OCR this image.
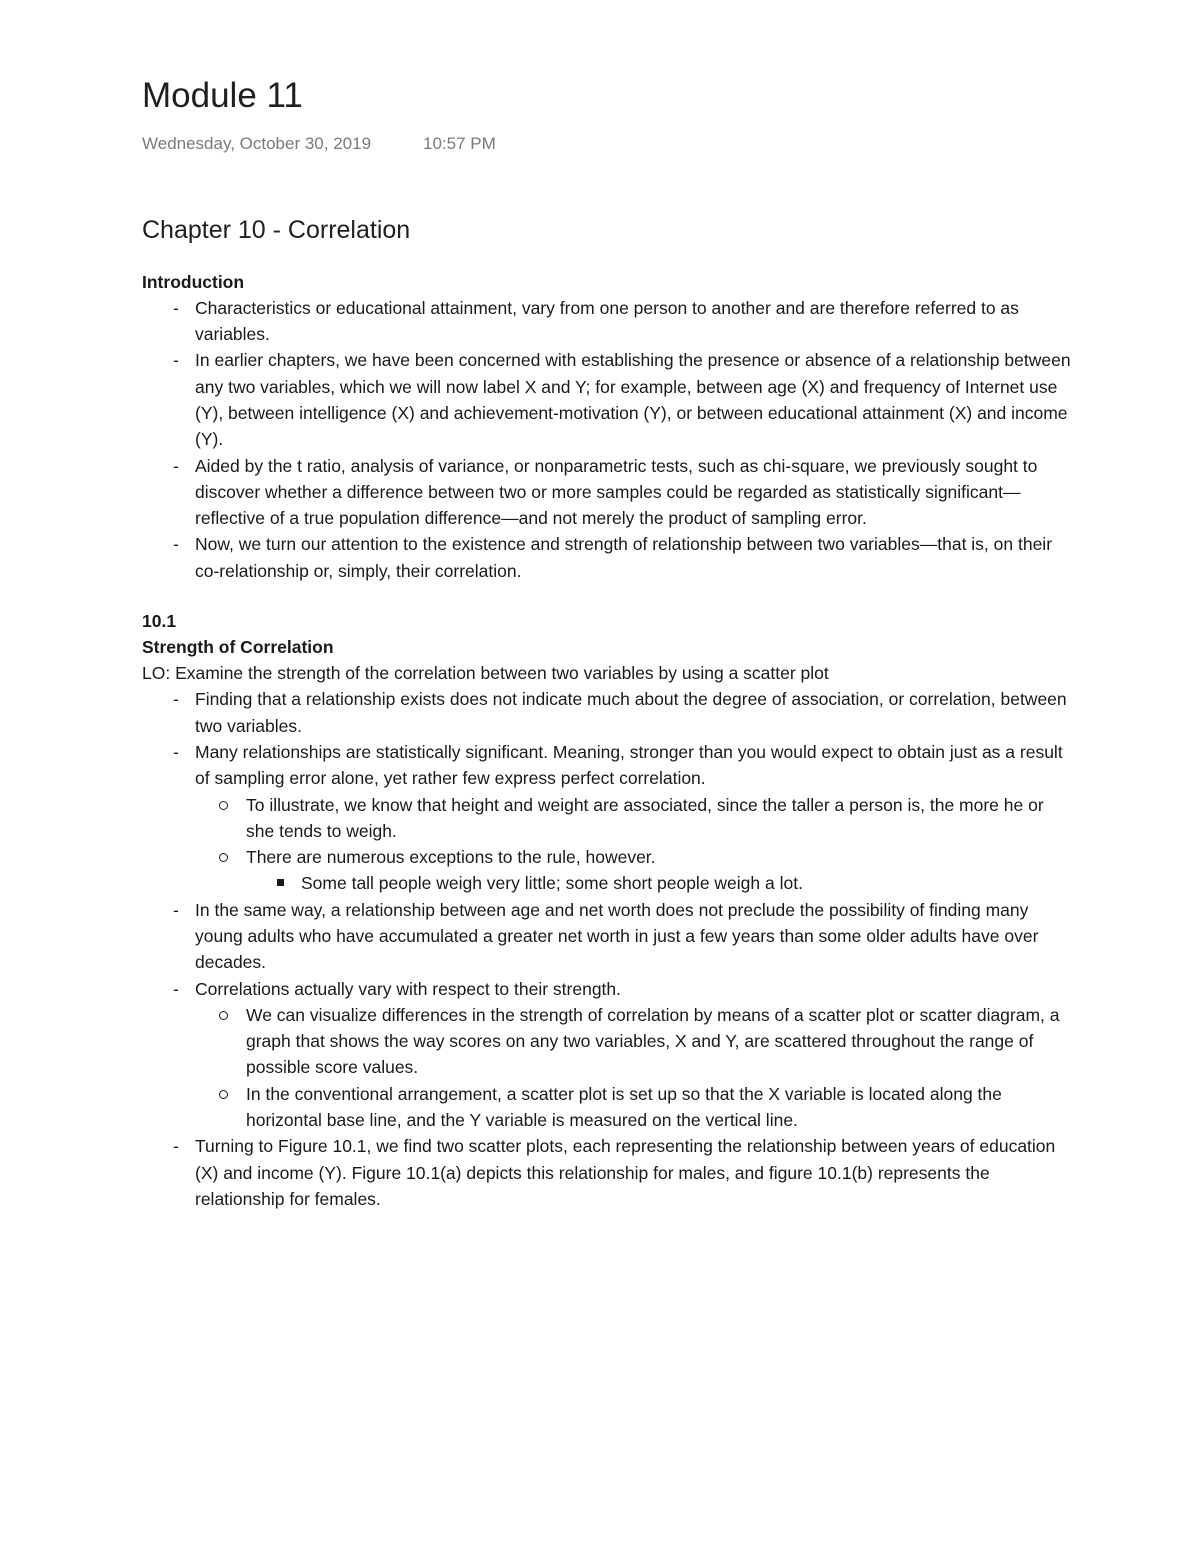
Module 11
Wednesday, October 30, 2019	10:57 PM
Chapter 10 - Correlation
Introduction
- Characteristics or educational attainment, vary from one person to another and are therefore referred to as variables.
- In earlier chapters, we have been concerned with establishing the presence or absence of a relationship between any two variables, which we will now label X and Y; for example, between age (X) and frequency of Internet use (Y), between intelligence (X) and achievement-motivation (Y), or between educational attainment (X) and income (Y).
- Aided by the t ratio, analysis of variance, or nonparametric tests, such as chi-square, we previously sought to discover whether a difference between two or more samples could be regarded as statistically significant—reflective of a true population difference—and not merely the product of sampling error.
- Now, we turn our attention to the existence and strength of relationship between two variables—that is, on their co-relationship or, simply, their correlation.
10.1
Strength of Correlation
LO: Examine the strength of the correlation between two variables by using a scatter plot
- Finding that a relationship exists does not indicate much about the degree of association, or correlation, between two variables.
- Many relationships are statistically significant. Meaning, stronger than you would expect to obtain just as a result of sampling error alone, yet rather few express perfect correlation.
To illustrate, we know that height and weight are associated, since the taller a person is, the more he or she tends to weigh.
There are numerous exceptions to the rule, however.
Some tall people weigh very little; some short people weigh a lot.
- In the same way, a relationship between age and net worth does not preclude the possibility of finding many young adults who have accumulated a greater net worth in just a few years than some older adults have over decades.
- Correlations actually vary with respect to their strength.
We can visualize differences in the strength of correlation by means of a scatter plot or scatter diagram, a graph that shows the way scores on any two variables, X and Y, are scattered throughout the range of possible score values.
In the conventional arrangement, a scatter plot is set up so that the X variable is located along the horizontal base line, and the Y variable is measured on the vertical line.
- Turning to Figure 10.1, we find two scatter plots, each representing the relationship between years of education (X) and income (Y). Figure 10.1(a) depicts this relationship for males, and figure 10.1(b) represents the relationship for females.
